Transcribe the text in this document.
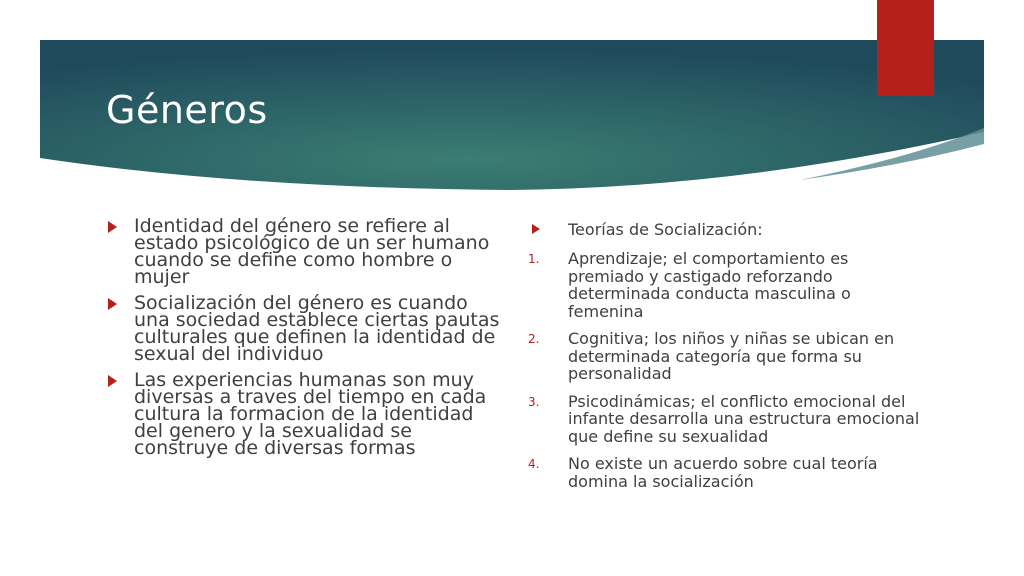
Géneros
Identidad del género se refiere al estado psicológico de un ser humano cuando se define como hombre o mujer
Socialización del género es cuando una sociedad establece ciertas pautas culturales que definen la identidad de sexual del individuo
Las experiencias humanas son muy diversas a traves del tiempo en cada cultura la formacion de la identidad del genero y la sexualidad se construye de diversas formas
Teorías de Socialización:
1. Aprendizaje; el comportamiento es premiado y castigado reforzando determinada conducta masculina o femenina
2. Cognitiva; los niños y niñas se ubican en determinada categoría que forma su personalidad
3. Psicodinámicas; el conflicto emocional del infante desarrolla una estructura emocional que define su sexualidad
4. No existe un acuerdo sobre cual teoría domina la socialización
